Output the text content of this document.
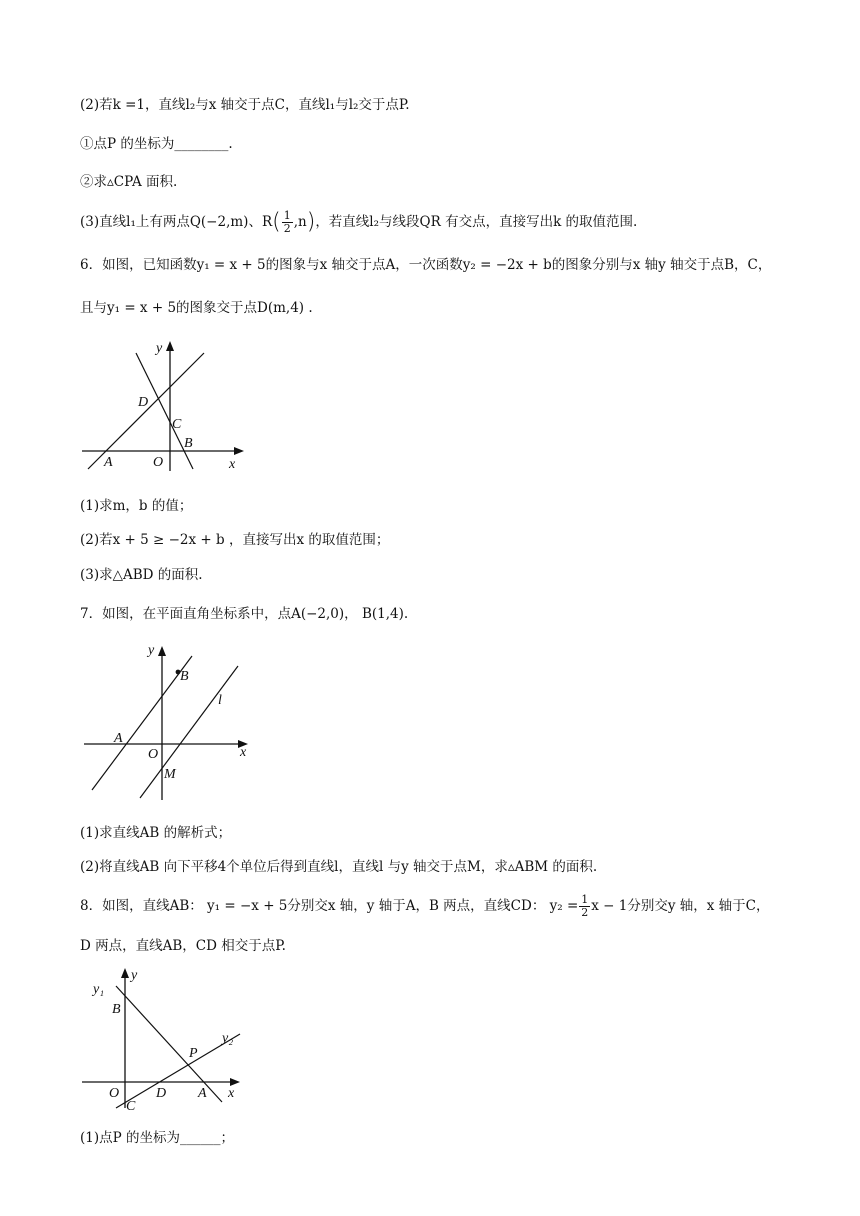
(2)若k =1，直线l₂与x 轴交于点C，直线l₁与l₂交于点P.
①点P 的坐标为________.
②求▵CPA 面积.
(3)直线l₁上有两点Q(−2,m)、$R( \frac{1}{2} ,n)$，若直线l₂与线段QR 有交点，直接写出k 的取值范围.
6．如图，已知函数y₁ = x + 5的图象与x 轴交于点A，一次函数y₂ = −2x + b的图象分别与x 轴y 轴交于点B，C，
且与y₁ = x + 5的图象交于点D(m,4) .
y
x
D
C
B
A	O
(1)求m，b 的值；
(2)若x + 5 ≥ −2x + b ，直接写出x 的取值范围；
(3)求△ABD 的面积.
7．如图，在平面直角坐标系中，点A(−2,0)， B(1,4).
y
x
B
A
O
M
l
(1)求直线AB 的解析式；
(2)将直线AB 向下平移4个单位后得到直线l，直线l 与y 轴交于点M，求▵ABM 的面积.
8．如图，直线AB： y₁ = −x + 5分别交x 轴，y 轴于A，B 两点，直线CD： $y_2 = \frac{1}{2}$ x − 1分别交y 轴，x 轴于C，
D 两点，直线AB，CD 相交于点P.
y
x
y₁
y₂
B
P
O	D A
C
(1)点P 的坐标为______；
